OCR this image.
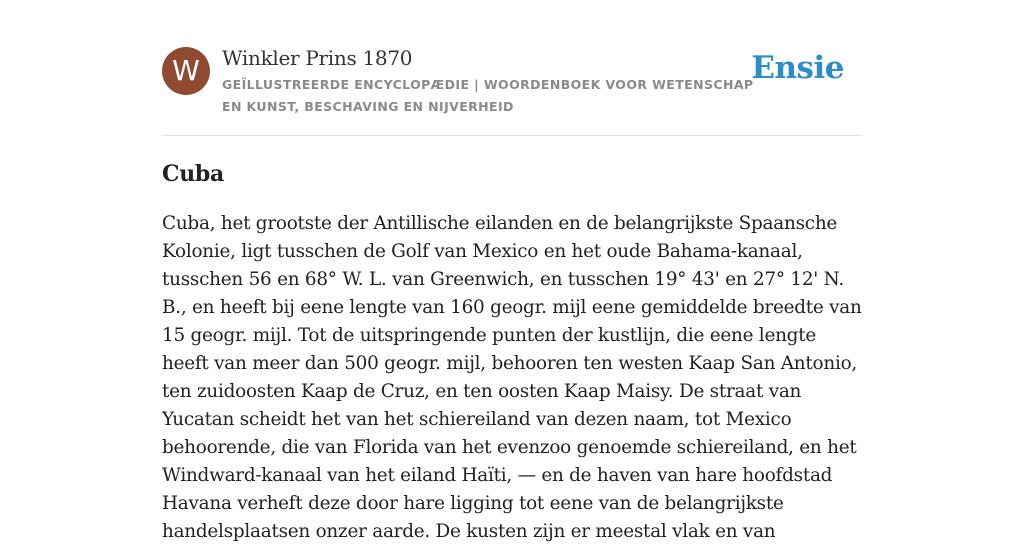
W	Winkler Prins 1870
GEÏLLUSTREERDE ENCYCLOPÆDIE | WOORDENBOEK VOOR WETENSCHAP EN KUNST, BESCHAVING EN NIJVERHEID
Ensie
Cuba
Cuba, het grootste der Antillische eilanden en de belangrijkste Spaansche Kolonie, ligt tusschen de Golf van Mexico en het oude Bahama-kanaal, tusschen 56 en 68° W. L. van Greenwich, en tusschen 19° 43' en 27° 12' N. B., en heeft bij eene lengte van 160 geogr. mijl eene gemiddelde breedte van 15 geogr. mijl. Tot de uitspringende punten der kustlijn, die eene lengte heeft van meer dan 500 geogr. mijl, behooren ten westen Kaap San Antonio, ten zuidoosten Kaap de Cruz, en ten oosten Kaap Maisy. De straat van Yucatan scheidt het van het schiereiland van dezen naam, tot Mexico behoorende, die van Florida van het evenzoo genoemde schiereiland, en het Windward-kanaal van het eiland Haïti, — en de haven van hare hoofdstad Havana verheft deze door hare ligging tot eene van de belangrijkste handelsplaatsen onzer aarde. De kusten zijn er meestal vlak en van
